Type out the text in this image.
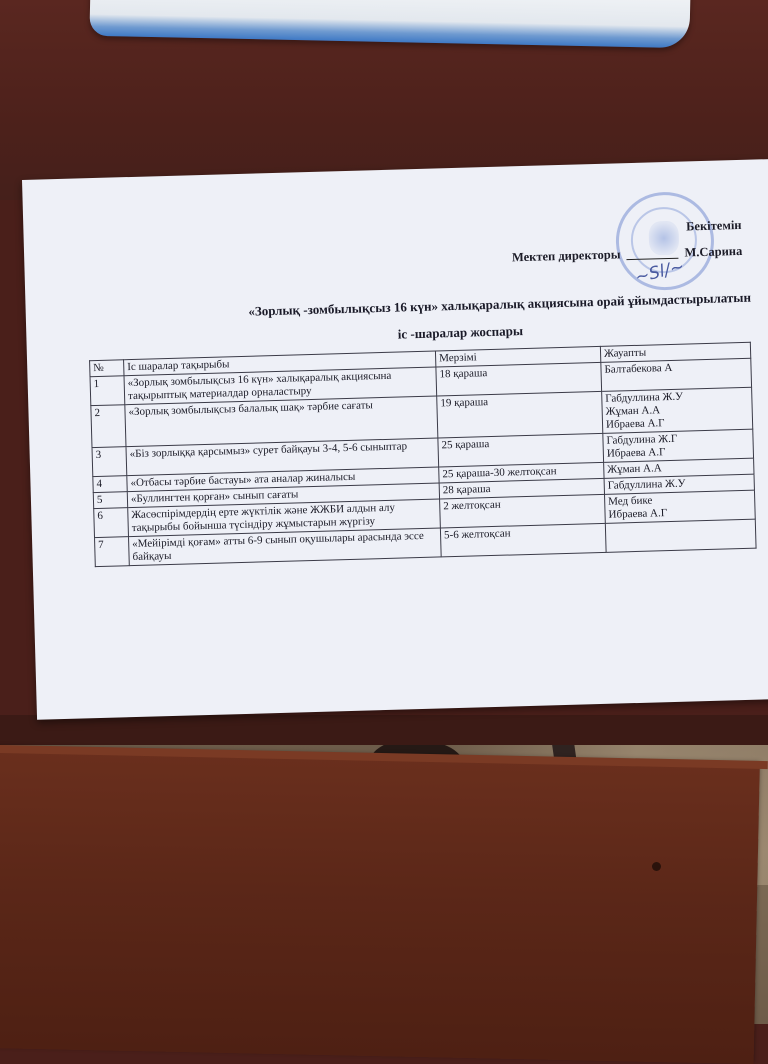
~Sl/~
Бекітемін
Мектеп директоры	М.Сарина
«Зорлық -зомбылықсыз 16 күн» халықаралық акциясына орай ұйымдастырылатын
іс -шаралар жоспары
№	Іс шаралар тақырыбы	Мерзімі	Жауапты
1	«Зорлық зомбылықсыз 16 күн» халықаралық акциясына тақырыптық материалдар орналастыру	18 қараша	Балтабекова А

2	«Зорлық зомбылықсыз балалық шақ» тәрбие сағаты	19 қараша	Габдуллина Ж.У
Жұман А.А
Ибраева А.Г

3	«Біз зорлыққа қарсымыз» сурет байқауы 3-4, 5-6 сыныптар	25 қараша	Габдулина Ж.Г
Ибраева А.Г

4	«Отбасы тәрбие бастауы» ата аналар жиналысы	25 қараша-30 желтоқсан	Жұман А.А

5	«Буллингтен қорған» сынып сағаты	28 қараша	Габдуллина Ж.У

6	Жасөспірімдердің ерте жүктілік және ЖЖБИ алдын алу тақырыбы бойынша түсіндіру жұмыстарын жүргізу	2 желтоқсан	Мед бике
Ибраева А.Г

7	«Мейірімді қоғам» атты 6-9 сынып оқушылары арасында эссе байқауы	5-6 желтоқсан	
